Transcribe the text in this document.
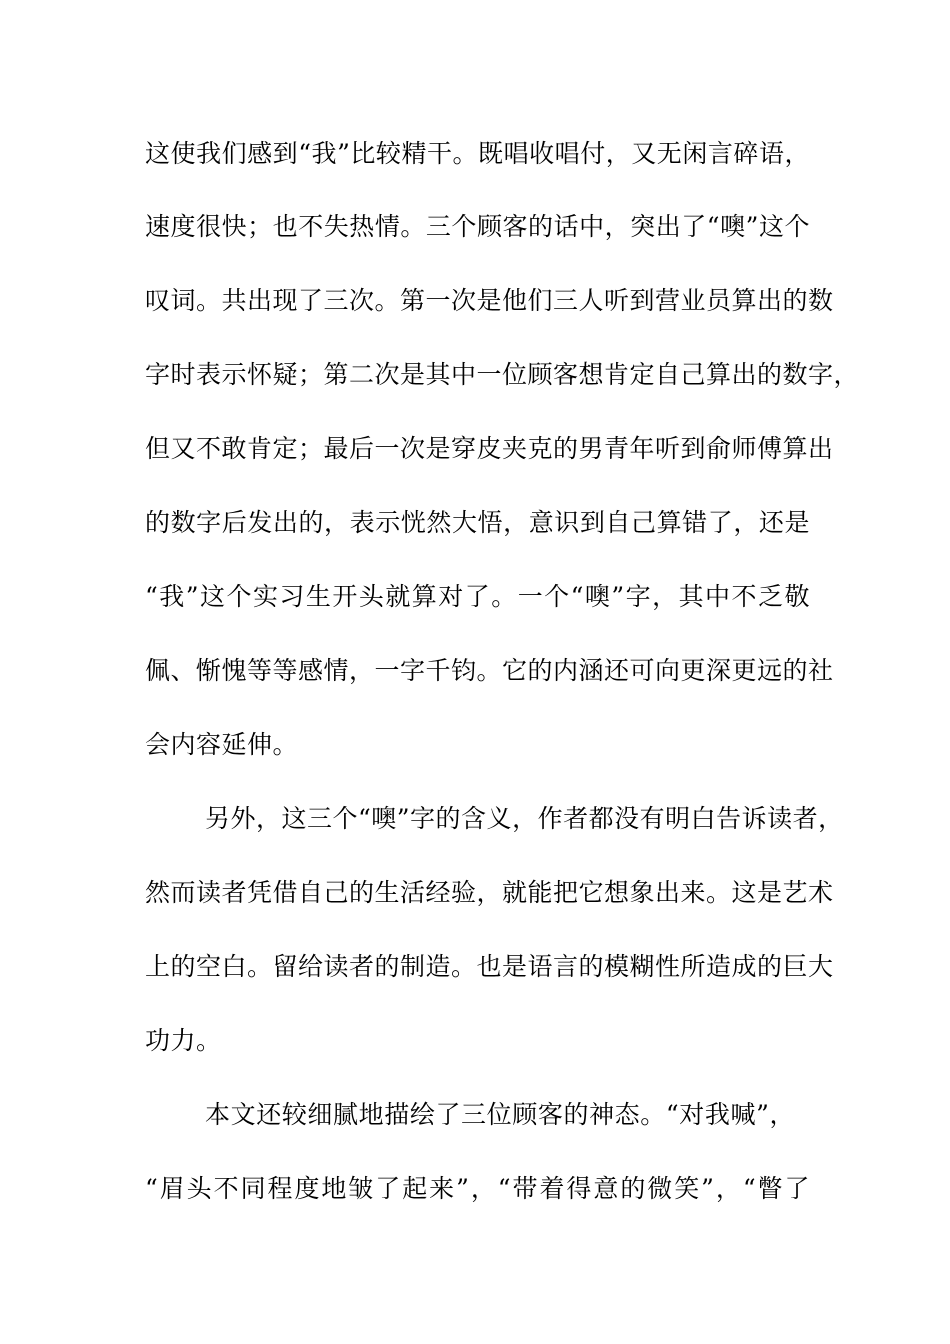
这使我们感到“我”比较精干。既唱收唱付，又无闲言碎语，
速度很快；也不失热情。三个顾客的话中，突出了“噢”这个
叹词。共出现了三次。第一次是他们三人听到营业员算出的数
字时表示怀疑；第二次是其中一位顾客想肯定自己算出的数字，
但又不敢肯定；最后一次是穿皮夹克的男青年听到俞师傅算出
的数字后发出的，表示恍然大悟，意识到自己算错了，还是
“我”这个实习生开头就算对了。一个“噢”字，其中不乏敬
佩、惭愧等等感情，一字千钧。它的内涵还可向更深更远的社
会内容延伸。
另外，这三个“噢”字的含义，作者都没有明白告诉读者，
然而读者凭借自己的生活经验，就能把它想象出来。这是艺术
上的空白。留给读者的制造。也是语言的模糊性所造成的巨大
功力。
本文还较细腻地描绘了三位顾客的神态。“对我喊”，
“眉头不同程度地皱了起来”，“带着得意的微笑”，“瞥了
